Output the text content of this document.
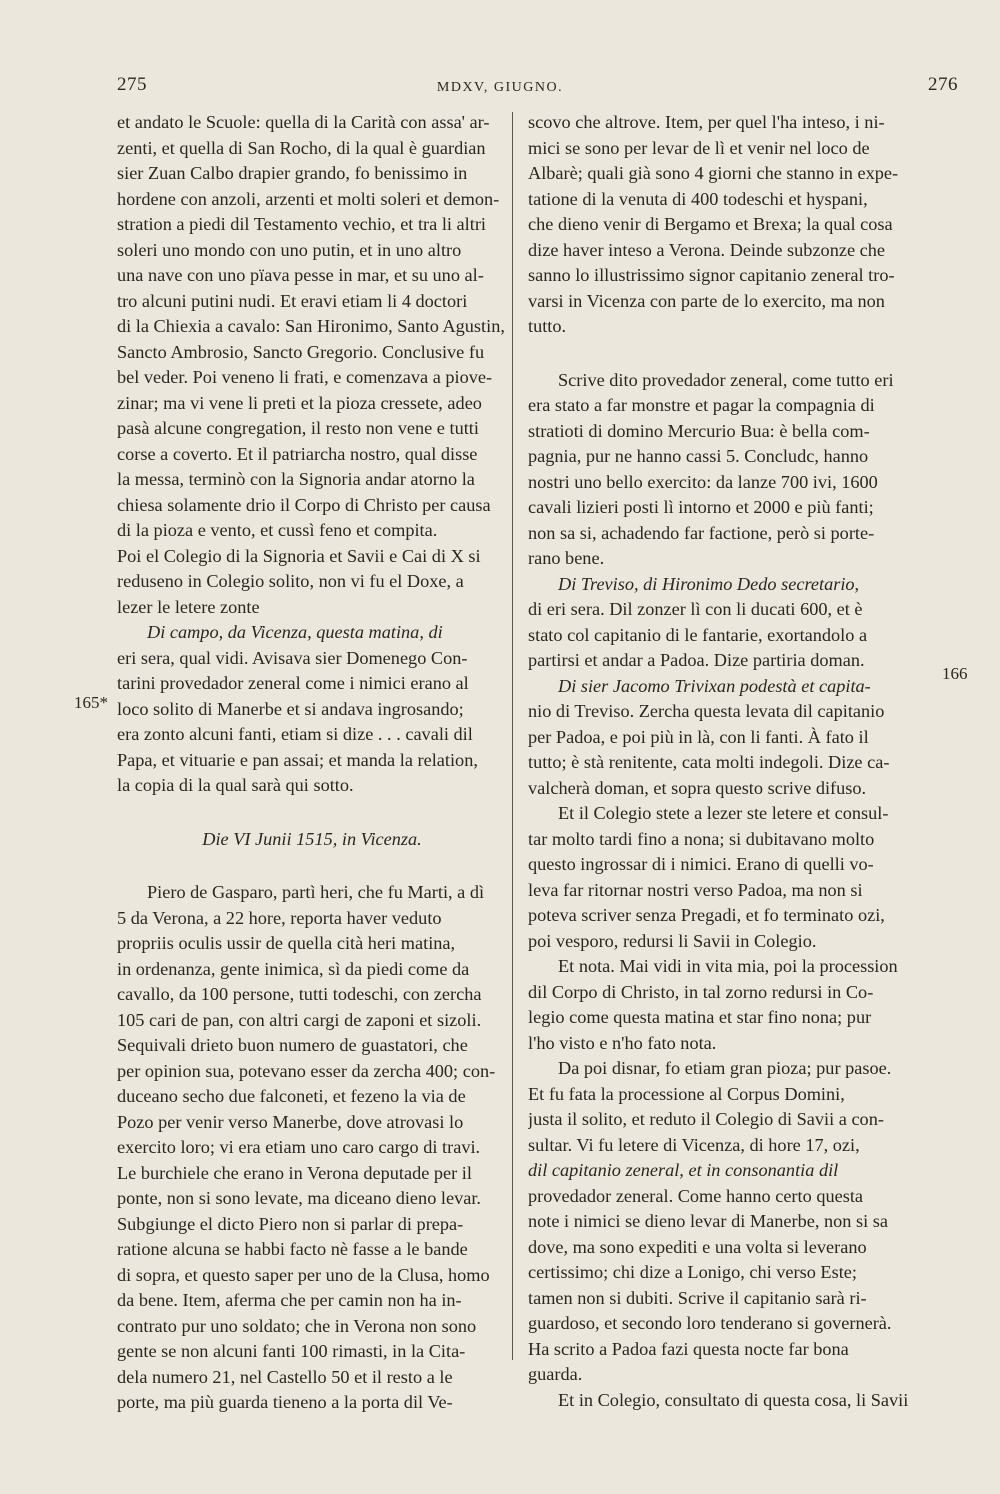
275	MDXV, GIUGNO.	276
165*
166
et andato le Scuole: quella di la Carità con assa' ar-
zenti, et quella di San Rocho, di la qual è guardian
sier Zuan Calbo drapier grando, fo benissimo in
hordene con anzoli, arzenti et molti soleri et demon-
stration a piedi dil Testamento vechio, et tra li altri
soleri uno mondo con uno putin, et in uno altro
una nave con uno pïava pesse in mar, et su uno al-
tro alcuni putini nudi. Et eravi etiam li 4 doctori
di la Chiexia a cavalo: San Hironimo, Santo Agustin,
Sancto Ambrosio, Sancto Gregorio. Conclusive fu
bel veder. Poi veneno li frati, e comenzava a piove-
zinar; ma vi vene li preti et la pioza cressete, adeo
pasà alcune congregation, il resto non vene e tutti
corse a coverto. Et il patriarcha nostro, qual disse
la messa, terminò con la Signoria andar atorno la
chiesa solamente drio il Corpo di Christo per causa
di la pioza e vento, et cussì feno et compita.
Poi el Colegio di la Signoria et Savii e Cai di X si
reduseno in Colegio solito, non vi fu el Doxe, a
lezer le letere zonte
Di campo, da Vicenza, questa matina, di
eri sera, qual vidi. Avisava sier Domenego Con-
tarini provedador zeneral come i nimici erano al
loco solito di Manerbe et si andava ingrosando;
era zonto alcuni fanti, etiam si dize . . . cavali dil
Papa, et vituarie e pan assai; et manda la relation,
la copia di la qual sarà qui sotto.
Die VI Junii 1515, in Vicenza.
Piero de Gasparo, partì heri, che fu Marti, a dì
5 da Verona, a 22 hore, reporta haver veduto
propriis oculis ussir de quella cità heri matina,
in ordenanza, gente inimica, sì da piedi come da
cavallo, da 100 persone, tutti todeschi, con zercha
105 cari de pan, con altri cargi de zaponi et sizoli.
Sequivali drieto buon numero de guastatori, che
per opinion sua, potevano esser da zercha 400; con-
duceano secho due falconeti, et fezeno la via de
Pozo per venir verso Manerbe, dove atrovasi lo
exercito loro; vi era etiam uno caro cargo di travi.
Le burchiele che erano in Verona deputade per il
ponte, non si sono levate, ma diceano dieno levar.
Subgiunge el dicto Piero non si parlar di prepa-
ratione alcuna se habbi facto nè fasse a le bande
di sopra, et questo saper per uno de la Clusa, homo
da bene. Item, aferma che per camin non ha in-
contrato pur uno soldato; che in Verona non sono
gente se non alcuni fanti 100 rimasti, in la Cita-
dela numero 21, nel Castello 50 et il resto a le
porte, ma più guarda tieneno a la porta dil Ve-
scovo che altrove. Item, per quel l'ha inteso, i ni-
mici se sono per levar de lì et venir nel loco de
Albarè; quali già sono 4 giorni che stanno in expe-
tatione di la venuta di 400 todeschi et hyspani,
che dieno venir di Bergamo et Brexa; la qual cosa
dize haver inteso a Verona. Deinde subzonze che
sanno lo illustrissimo signor capitanio zeneral tro-
varsi in Vicenza con parte de lo exercito, ma non
tutto.
Scrive dito provedador zeneral, come tutto eri
era stato a far monstre et pagar la compagnia di
stratioti di domino Mercurio Bua: è bella com-
pagnia, pur ne hanno cassi 5. Concludc, hanno
nostri uno bello exercito: da lanze 700 ivi, 1600
cavali lizieri posti lì intorno et 2000 e più fanti;
non sa si, achadendo far factione, però si porte-
rano bene.
Di Treviso, di Hironimo Dedo secretario,
di eri sera. Dil zonzer lì con li ducati 600, et è
stato col capitanio di le fantarie, exortandolo a
partirsi et andar a Padoa. Dize partiria doman.
Di sier Jacomo Trivixan podestà et capita-
nio di Treviso. Zercha questa levata dil capitanio
per Padoa, e poi più in là, con li fanti. À fato il
tutto; è stà renitente, cata molti indegoli. Dize ca-
valcherà doman, et sopra questo scrive difuso.
Et il Colegio stete a lezer ste letere et consul-
tar molto tardi fino a nona; si dubitavano molto
questo ingrossar di i nimici. Erano di quelli vo-
leva far ritornar nostri verso Padoa, ma non si
poteva scriver senza Pregadi, et fo terminato ozi,
poi vesporo, redursi li Savii in Colegio.
Et nota. Mai vidi in vita mia, poi la procession
dil Corpo di Christo, in tal zorno redursi in Co-
legio come questa matina et star fino nona; pur
l'ho visto e n'ho fato nota.
Da poi disnar, fo etiam gran pioza; pur pasoe.
Et fu fata la processione al Corpus Domini,
justa il solito, et reduto il Colegio di Savii a con-
sultar. Vi fu letere di Vicenza, di hore 17, ozi,
dil capitanio zeneral, et in consonantia dil
provedador zeneral. Come hanno certo questa
note i nimici se dieno levar di Manerbe, non si sa
dove, ma sono expediti e una volta si leverano
certissimo; chi dize a Lonigo, chi verso Este;
tamen non si dubiti. Scrive il capitanio sarà ri-
guardoso, et secondo loro tenderano si governerà.
Ha scrito a Padoa fazi questa nocte far bona
guarda.
Et in Colegio, consultato di questa cosa, li Savii
